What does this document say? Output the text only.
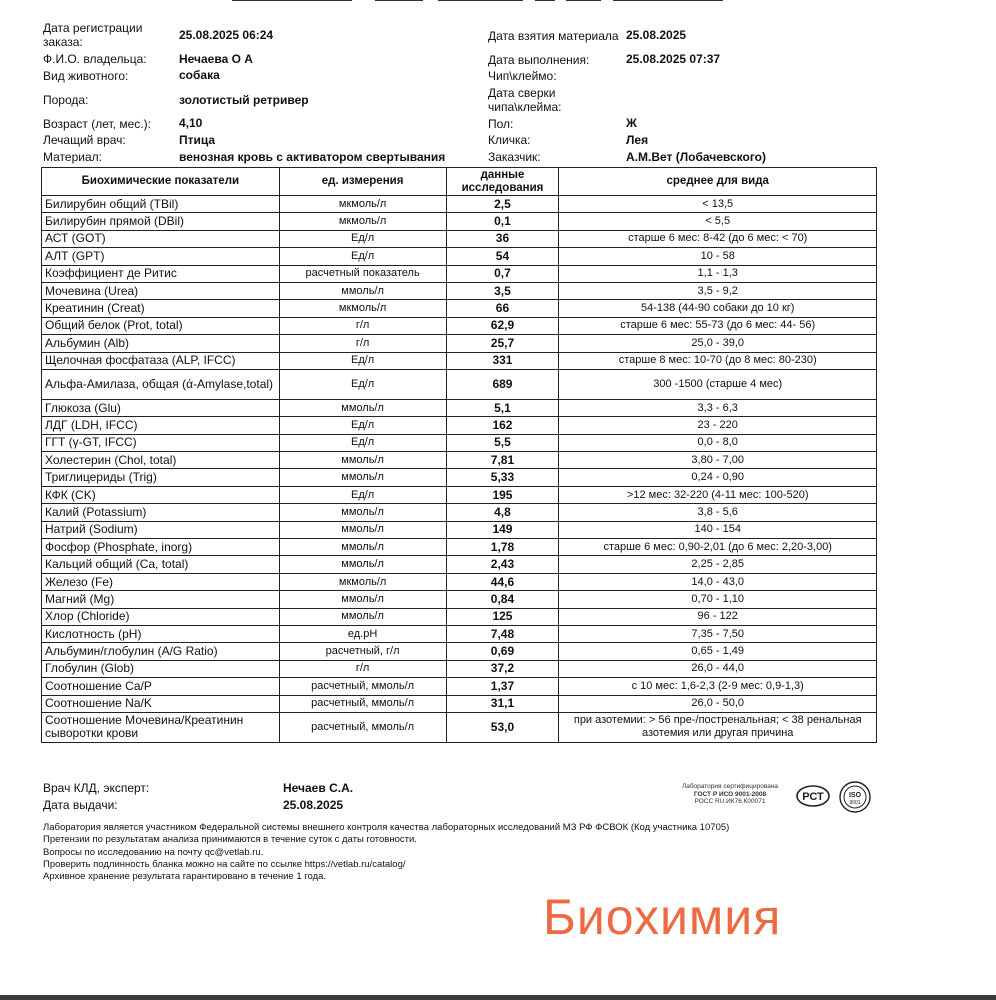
Дата регистрации заказа:	25.08.2025 06:24
Ф.И.О. владельца:	Нечаева О А
Вид животного:	собака
Порода:	золотистый ретривер
Возраст (лет, мес.): 4,10
Лечащий врач:	Птица
Материал:	венозная кровь с активатором свертывания
Дата взятия материала 25.08.2025
Дата выполнения:	25.08.2025 07:37
Чип\клеймо:
Дата сверки чипа\клейма:
Пол:	Ж
Кличка:	Лея
Заказчик:	А.М.Вет (Лобачевского)
Биохимические показатели	ед. измерения	данные исследования	среднее для вида
Билирубин общий (TBil)	мкмоль/л	2,5	< 13,5
Билирубин прямой (DBil)	мкмоль/л	0,1	< 5,5
АСТ (GOT)	Ед/л	36	старше 6 мес: 8-42 (до 6 мес: < 70)
АЛТ (GPT)	Ед/л	54	10 - 58
Коэффициент де Ритис	расчетный показатель	0,7	1,1 - 1,3
Мочевина (Urea)	ммоль/л	3,5	3,5 - 9,2
Креатинин (Creat)	мкмоль/л	66	54-138 (44-90 собаки до 10 кг)
Общий белок (Prot, total)	г/л	62,9	старше 6 мес: 55-73 (до 6 мес: 44- 56)
Альбумин (Alb)	г/л	25,7	25,0 - 39,0
Щелочная фосфатаза (ALP, IFCC)	Ед/л	331	старше 8 мес: 10-70 (до 8 мес: 80-230)
Альфа-Амилаза, общая (ά-Amylase,total)	Ед/л	689	300 -1500 (старше 4 мес)
Глюкоза (Glu)	ммоль/л	5,1	3,3 - 6,3
ЛДГ (LDH, IFCC)	Ед/л	162	23 - 220
ГГТ (γ-GT, IFCC)	Ед/л	5,5	0,0 - 8,0
Холестерин (Chol, total)	ммоль/л	7,81	3,80 - 7,00
Триглицериды (Trig)	ммоль/л	5,33	0,24 - 0,90
КФК (CK)	Ед/л	195	>12 мес: 32-220 (4-11 мес: 100-520)
Калий (Potassium)	ммоль/л	4,8	3,8 - 5,6
Натрий (Sodium)	ммоль/л	149	140 - 154
Фосфор (Phosphate, inorg)	ммоль/л	1,78	старше 6 мес: 0,90-2,01 (до 6 мес: 2,20-3,00)
Кальций общий (Ca, total)	ммоль/л	2,43	2,25 - 2,85
Железо (Fe)	мкмоль/л	44,6	14,0 - 43,0
Магний (Mg)	ммоль/л	0,84	0,70 - 1,10
Хлор (Chloride)	ммоль/л	125	96 - 122
Кислотность (pH)	ед.pH	7,48	7,35 - 7,50
Альбумин/глобулин (A/G Ratio)	расчетный, г/л	0,69	0,65 - 1,49
Глобулин (Glob)	г/л	37,2	26,0 - 44,0
Соотношение Ca/P	расчетный, ммоль/л	1,37	с 10 мес: 1,6-2,3 (2-9 мес: 0,9-1,3)
Соотношение Na/K	расчетный, ммоль/л	31,1	26,0 - 50,0
Соотношение Мочевина/Креатинин сыворотки крови	расчетный, ммоль/л	53,0	при азотемии: > 56 пре-/постренальная; < 38 ренальная азотемия или другая причина
Врач КЛД, эксперт:	Нечаев С.А.
Дата выдачи:	25.08.2025
Лаборатория сертифицирована
ГОСТ Р ИСО 9001-2008
РОСС RU.ИК76.К00071	РСТ	ISO
9001
Лаборатория является участником Федеральной системы внешнего контроля качества лабораторных исследований МЗ РФ ФСВОК (Код участника 10705)
Претензии по результатам анализа принимаются в течение суток с даты готовности.
Вопросы по исследованию на почту qc@vetlab.ru.
Проверить подлинность бланка можно на сайте по ссылке https://vetlab.ru/catalog/
Архивное хранение результата гарантировано в течение 1 года.
Биохимия
